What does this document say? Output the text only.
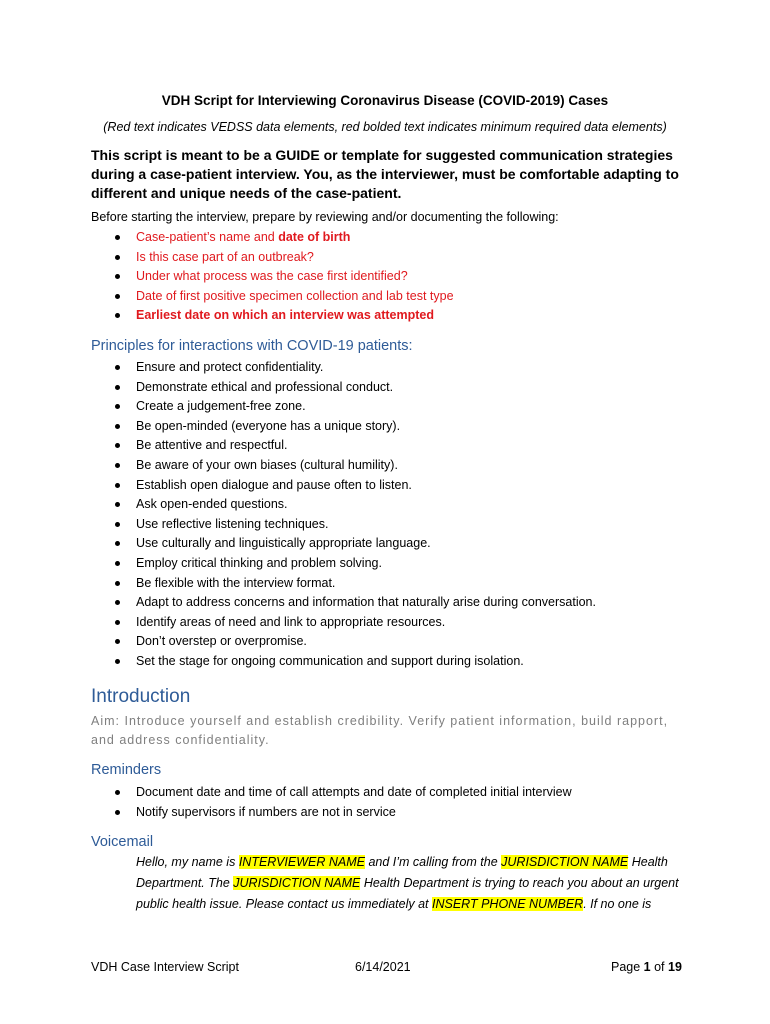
VDH Script for Interviewing Coronavirus Disease (COVID-2019) Cases
(Red text indicates VEDSS data elements, red bolded text indicates minimum required data elements)
This script is meant to be a GUIDE or template for suggested communication strategies during a case-patient interview. You, as the interviewer, must be comfortable adapting to different and unique needs of the case-patient.
Before starting the interview, prepare by reviewing and/or documenting the following:
Case-patient’s name and date of birth
Is this case part of an outbreak?
Under what process was the case first identified?
Date of first positive specimen collection and lab test type
Earliest date on which an interview was attempted
Principles for interactions with COVID-19 patients:
Ensure and protect confidentiality.
Demonstrate ethical and professional conduct.
Create a judgement-free zone.
Be open-minded (everyone has a unique story).
Be attentive and respectful.
Be aware of your own biases (cultural humility).
Establish open dialogue and pause often to listen.
Ask open-ended questions.
Use reflective listening techniques.
Use culturally and linguistically appropriate language.
Employ critical thinking and problem solving.
Be flexible with the interview format.
Adapt to address concerns and information that naturally arise during conversation.
Identify areas of need and link to appropriate resources.
Don’t overstep or overpromise.
Set the stage for ongoing communication and support during isolation.
Introduction
Aim: Introduce yourself and establish credibility. Verify patient information, build rapport, and address confidentiality.
Reminders
Document date and time of call attempts and date of completed initial interview
Notify supervisors if numbers are not in service
Voicemail
Hello, my name is INTERVIEWER NAME and I’m calling from the JURISDICTION NAME Health Department. The JURISDICTION NAME Health Department is trying to reach you about an urgent public health issue. Please contact us immediately at INSERT PHONE NUMBER. If no one is
VDH Case Interview Script	6/14/2021	Page 1 of 19
